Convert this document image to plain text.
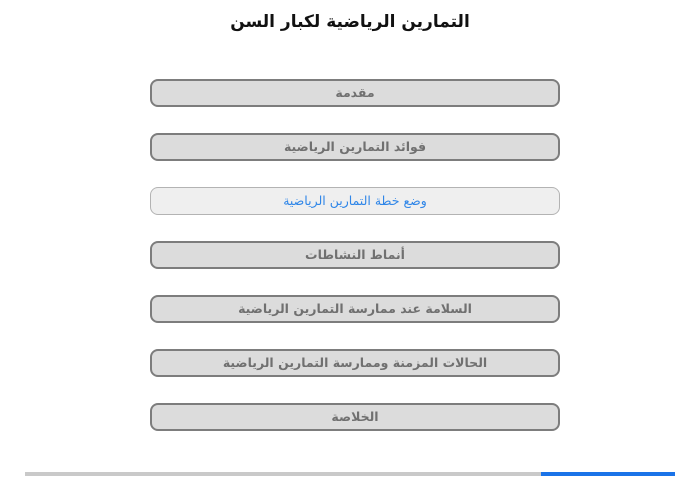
التمارين الرياضية لكبار السن
مقدمة
فوائد التمارين الرياضية
وضع خطة التمارين الرياضية
أنماط النشاطات
السلامة عند ممارسة التمارين الرياضية
الحالات المزمنة وممارسة التمارين الرياضية
الخلاصة
